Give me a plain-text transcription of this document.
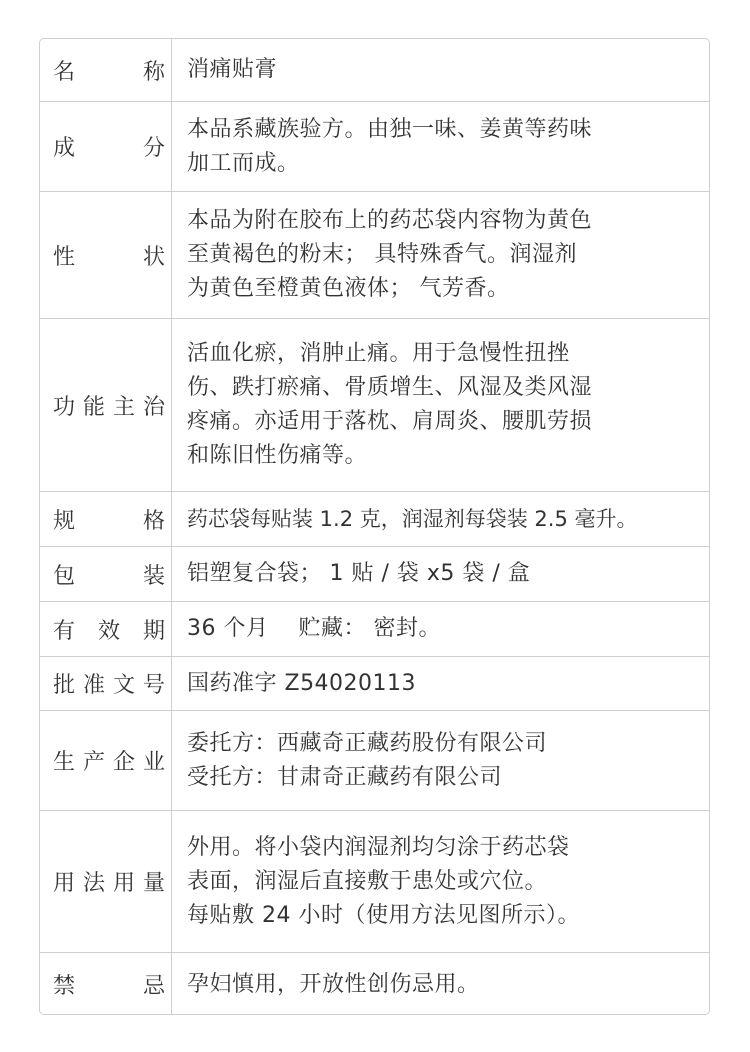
名　称 消痛贴膏
成　分
本品系藏族验方。由独一味、姜黄等药味
加工而成。
性　状
本品为附在胶布上的药芯袋内容物为黄色
至黄褐色的粉末； 具特殊香气。润湿剂
为黄色至橙黄色液体； 气芳香。
功能主治
活血化瘀，消肿止痛。用于急慢性扭挫
伤、跌打瘀痛、骨质增生、风湿及类风湿
疼痛。亦适用于落枕、肩周炎、腰肌劳损
和陈旧性伤痛等。
规　格 药芯袋每贴装 1.2 克，润湿剂每袋装 2.5 毫升。
包　装 铝塑复合袋； 1 贴 / 袋 x5 袋 / 盒
有效期 36 个月　 贮藏： 密封。
批准文号 国药准字 Z54020113
生产企业
委托方：西藏奇正藏药股份有限公司
受托方：甘肃奇正藏药有限公司
用法用量
外用。将小袋内润湿剂均匀涂于药芯袋
表面，润湿后直接敷于患处或穴位。
每贴敷 24 小时（使用方法见图所示）。
禁　忌 孕妇慎用，开放性创伤忌用。
